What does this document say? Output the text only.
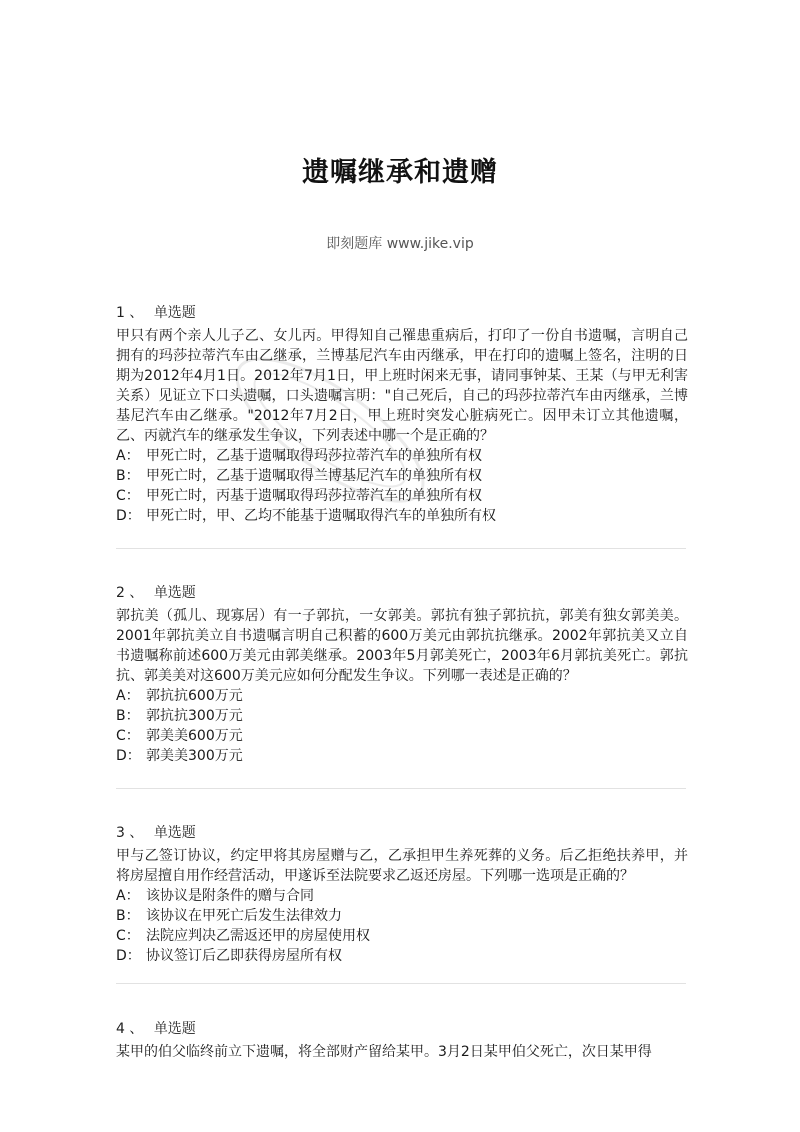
遗嘱继承和遗赠
即刻题库 www.jike.vip
1 、 单选题
甲只有两个亲人儿子乙、女儿丙。甲得知自己罹患重病后，打印了一份自书遗嘱，言明自己拥有的玛莎拉蒂汽车由乙继承，兰博基尼汽车由丙继承，甲在打印的遗嘱上签名，注明的日期为2012年4月1日。2012年7月1日，甲上班时闲来无事，请同事钟某、王某（与甲无利害关系）见证立下口头遗嘱，口头遗嘱言明："自己死后，自己的玛莎拉蒂汽车由丙继承，兰博基尼汽车由乙继承。"2012年7月2日，甲上班时突发心脏病死亡。因甲未订立其他遗嘱，乙、丙就汽车的继承发生争议，下列表述中哪一个是正确的？
A： 甲死亡时，乙基于遗嘱取得玛莎拉蒂汽车的单独所有权
B： 甲死亡时，乙基于遗嘱取得兰博基尼汽车的单独所有权
C： 甲死亡时，丙基于遗嘱取得玛莎拉蒂汽车的单独所有权
D： 甲死亡时，甲、乙均不能基于遗嘱取得汽车的单独所有权
2 、 单选题
郭抗美（孤儿、现寡居）有一子郭抗，一女郭美。郭抗有独子郭抗抗，郭美有独女郭美美。2001年郭抗美立自书遗嘱言明自己积蓄的600万美元由郭抗抗继承。2002年郭抗美又立自书遗嘱称前述600万美元由郭美继承。2003年5月郭美死亡，2003年6月郭抗美死亡。郭抗抗、郭美美对这600万美元应如何分配发生争议。下列哪一表述是正确的？
A： 郭抗抗600万元
B： 郭抗抗300万元
C： 郭美美600万元
D： 郭美美300万元
3 、 单选题
甲与乙签订协议，约定甲将其房屋赠与乙，乙承担甲生养死葬的义务。后乙拒绝扶养甲，并将房屋擅自用作经营活动，甲遂诉至法院要求乙返还房屋。下列哪一选项是正确的？
A： 该协议是附条件的赠与合同
B： 该协议在甲死亡后发生法律效力
C： 法院应判决乙需返还甲的房屋使用权
D： 协议签订后乙即获得房屋所有权
4 、 单选题
某甲的伯父临终前立下遗嘱，将全部财产留给某甲。3月2日某甲伯父死亡，次日某甲得
